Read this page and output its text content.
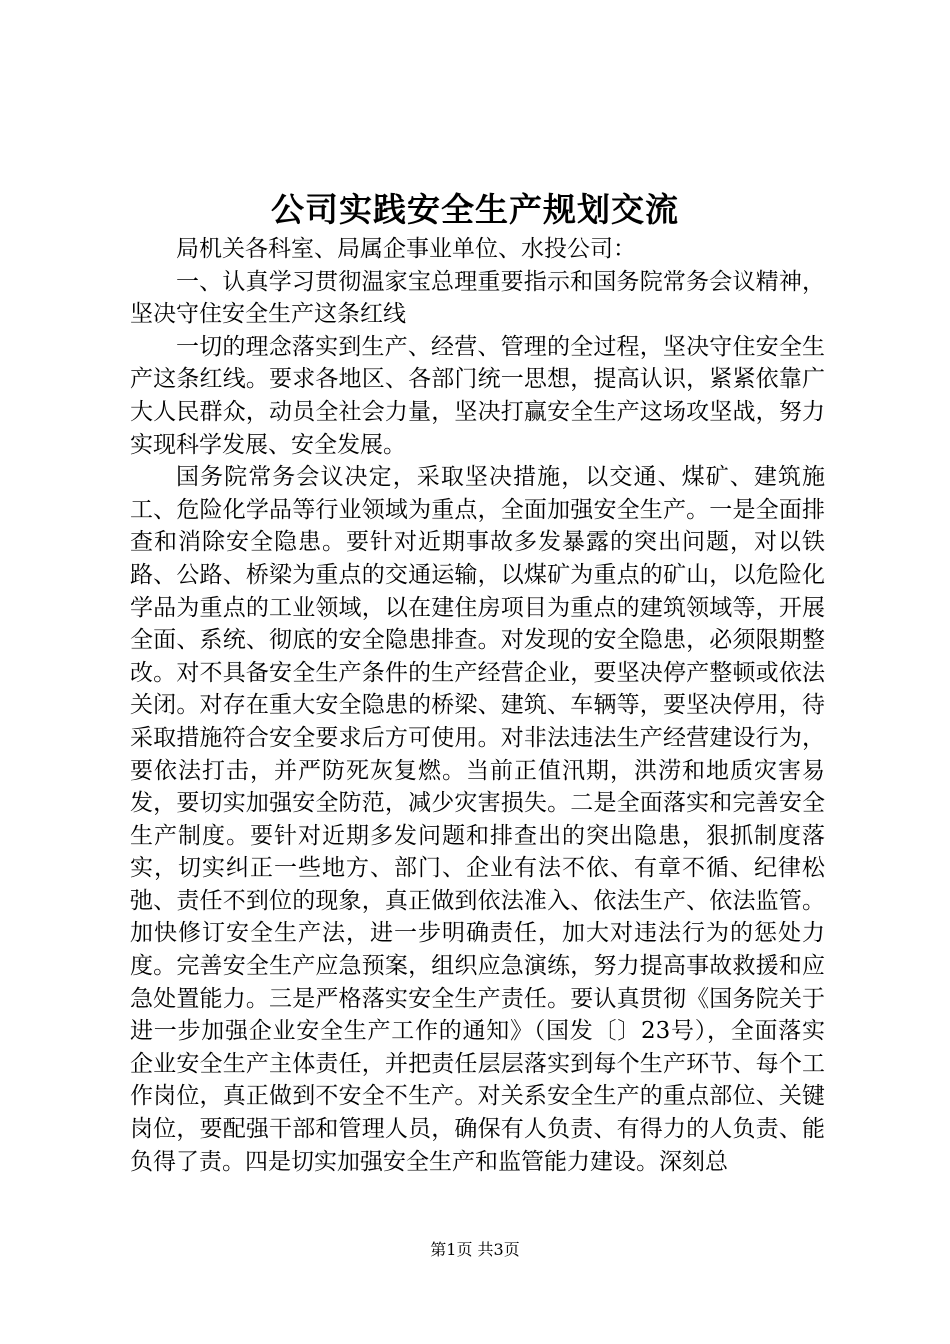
公司实践安全生产规划交流

局机关各科室、局属企事业单位、水投公司：

一、认真学习贯彻温家宝总理重要指示和国务院常务会议精神，坚决守住安全生产这条红线

一切的理念落实到生产、经营、管理的全过程，坚决守住安全生产这条红线。要求各地区、各部门统一思想，提高认识，紧紧依靠广大人民群众，动员全社会力量，坚决打赢安全生产这场攻坚战，努力实现科学发展、安全发展。

国务院常务会议决定，采取坚决措施，以交通、煤矿、建筑施工、危险化学品等行业领域为重点，全面加强安全生产。一是全面排查和消除安全隐患。要针对近期事故多发暴露的突出问题，对以铁路、公路、桥梁为重点的交通运输，以煤矿为重点的矿山，以危险化学品为重点的工业领域，以在建住房项目为重点的建筑领域等，开展全面、系统、彻底的安全隐患排查。对发现的安全隐患，必须限期整改。对不具备安全生产条件的生产经营企业，要坚决停产整顿或依法关闭。对存在重大安全隐患的桥梁、建筑、车辆等，要坚决停用，待采取措施符合安全要求后方可使用。对非法违法生产经营建设行为，要依法打击，并严防死灰复燃。当前正值汛期，洪涝和地质灾害易发，要切实加强安全防范，减少灾害损失。二是全面落实和完善安全生产制度。要针对近期多发问题和排查出的突出隐患，狠抓制度落实，切实纠正一些地方、部门、企业有法不依、有章不循、纪律松弛、责任不到位的现象，真正做到依法准入、依法生产、依法监管。加快修订安全生产法，进一步明确责任，加大对违法行为的惩处力度。完善安全生产应急预案，组织应急演练，努力提高事故救援和应急处置能力。三是严格落实安全生产责任。要认真贯彻《国务院关于进一步加强企业安全生产工作的通知》（国发〔〕23号），全面落实企业安全生产主体责任，并把责任层层落实到每个生产环节、每个工作岗位，真正做到不安全不生产。对关系安全生产的重点部位、关键岗位，要配强干部和管理人员，确保有人负责、有得力的人负责、能负得了责。四是切实加强安全生产和监管能力建设。深刻总

第1页 共3页
